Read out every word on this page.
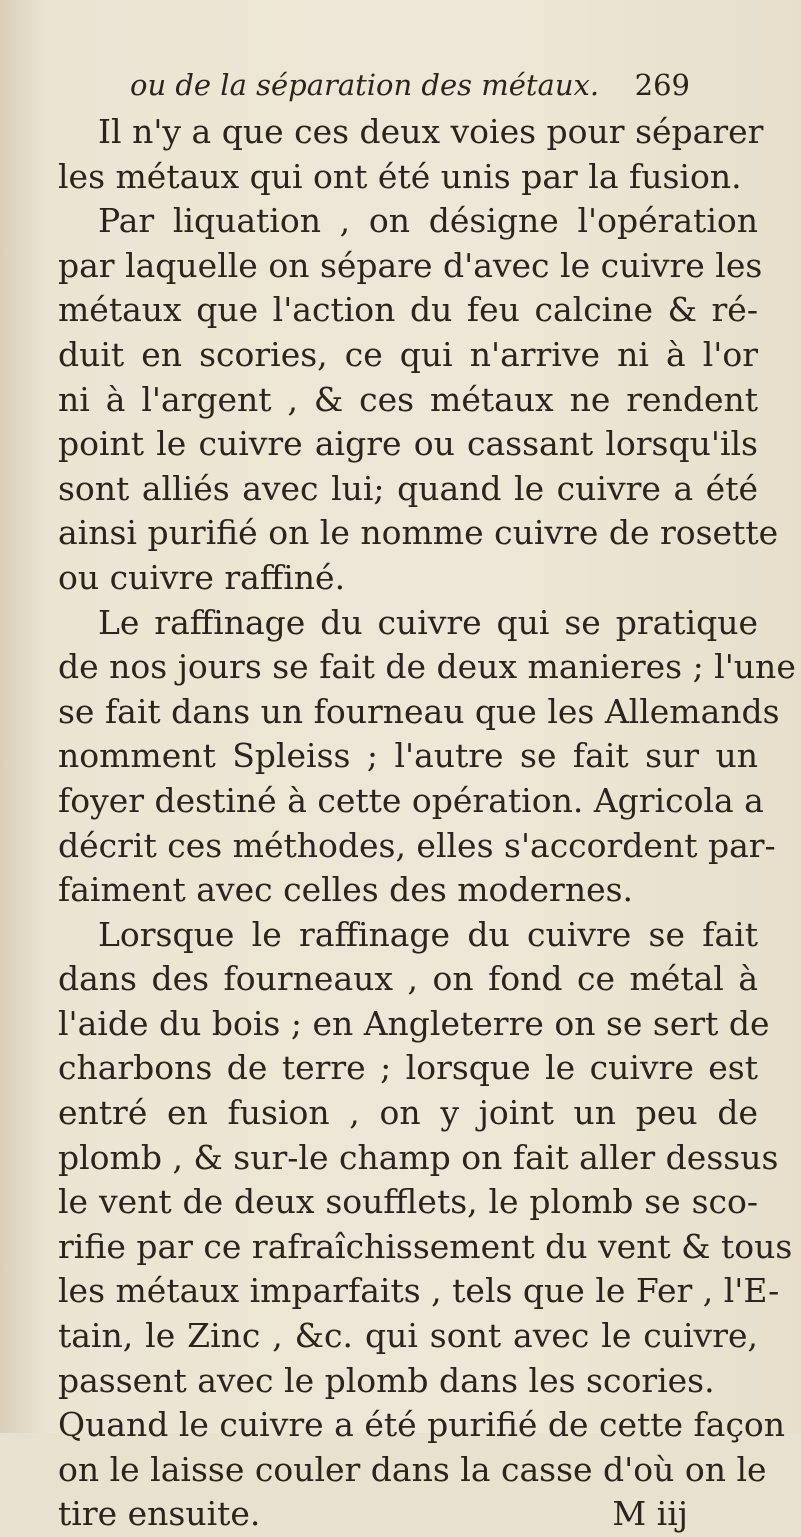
ou de la séparation des métaux. 269
Il n'y a que ces deux voies pour séparer
les métaux qui ont été unis par la fusion.
Par liquation , on désigne l'opération
par laquelle on sépare d'avec le cuivre les
métaux que l'action du feu calcine & ré-
duit en scories, ce qui n'arrive ni à l'or
ni à l'argent , & ces métaux ne rendent
point le cuivre aigre ou cassant lorsqu'ils
sont alliés avec lui; quand le cuivre a été
ainsi purifié on le nomme cuivre de rosette
ou cuivre raffiné.
Le raffinage du cuivre qui se pratique
de nos jours se fait de deux manieres ; l'une
se fait dans un fourneau que les Allemands
nomment Spleiss ; l'autre se fait sur un
foyer destiné à cette opération. Agricola a
décrit ces méthodes, elles s'accordent par-
faiment avec celles des modernes.
Lorsque le raffinage du cuivre se fait
dans des fourneaux , on fond ce métal à
l'aide du bois ; en Angleterre on se sert de
charbons de terre ; lorsque le cuivre est
entré en fusion , on y joint un peu de
plomb , & sur-le champ on fait aller dessus
le vent de deux soufflets, le plomb se sco-
rifie par ce rafraîchissement du vent & tous
les métaux imparfaits , tels que le Fer , l'E-
tain, le Zinc , &c. qui sont avec le cuivre,
passent avec le plomb dans les scories.
Quand le cuivre a été purifié de cette façon
on le laisse couler dans la casse d'où on le
tire ensuite.	M iij
